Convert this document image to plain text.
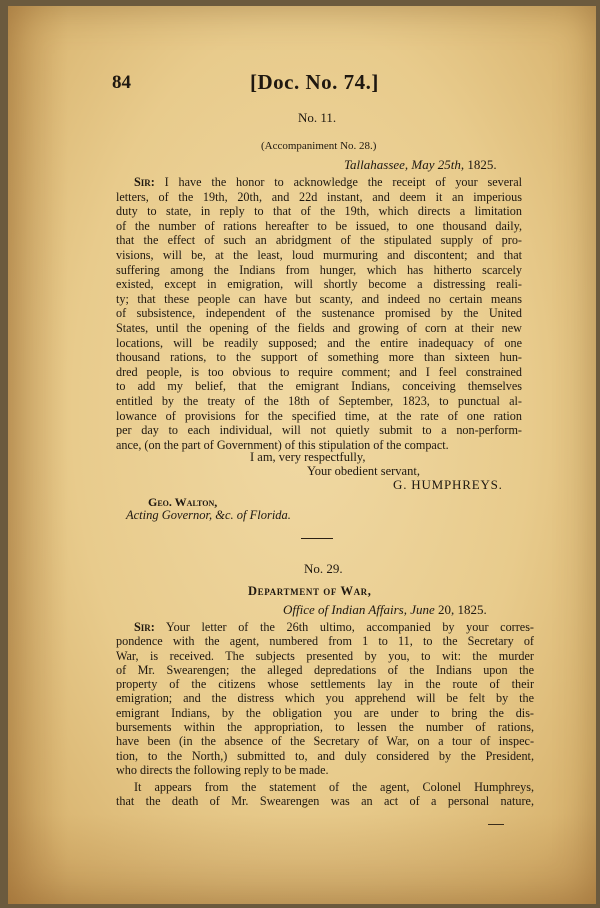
84	[Doc. No. 74.]
No. 11.
(Accompaniment No. 28.)
Tallahassee, May 25th, 1825.
Sir: I have the honor to acknowledge the receipt of your several
letters, of the 19th, 20th, and 22d instant, and deem it an imperious
duty to state, in reply to that of the 19th, which directs a limitation
of the number of rations hereafter to be issued, to one thousand daily,
that the effect of such an abridgment of the stipulated supply of pro-
visions, will be, at the least, loud murmuring and discontent; and that
suffering among the Indians from hunger, which has hitherto scarcely
existed, except in emigration, will shortly become a distressing reali-
ty; that these people can have but scanty, and indeed no certain means
of subsistence, independent of the sustenance promised by the United
States, until the opening of the fields and growing of corn at their new
locations, will be readily supposed; and the entire inadequacy of one
thousand rations, to the support of something more than sixteen hun-
dred people, is too obvious to require comment; and I feel constrained
to add my belief, that the emigrant Indians, conceiving themselves
entitled by the treaty of the 18th of September, 1823, to punctual al-
lowance of provisions for the specified time, at the rate of one ration
per day to each individual, will not quietly submit to a non-perform-
ance, (on the part of Government) of this stipulation of the compact.
I am, very respectfully,
Your obedient servant,
G. HUMPHREYS.
Geo. Walton,
Acting Governor, &c. of Florida.
No. 29.
Department of War,
Office of Indian Affairs, June 20, 1825.
Sir: Your letter of the 26th ultimo, accompanied by your corres-
pondence with the agent, numbered from 1 to 11, to the Secretary of
War, is received. The subjects presented by you, to wit: the murder
of Mr. Swearengen; the alleged depredations of the Indians upon the
property of the citizens whose settlements lay in the route of their
emigration; and the distress which you apprehend will be felt by the
emigrant Indians, by the obligation you are under to bring the dis-
bursements within the appropriation, to lessen the number of rations,
have been (in the absence of the Secretary of War, on a tour of inspec-
tion, to the North,) submitted to, and duly considered by the President,
who directs the following reply to be made.
It appears from the statement of the agent, Colonel Humphreys,
that the death of Mr. Swearengen was an act of a personal nature,
